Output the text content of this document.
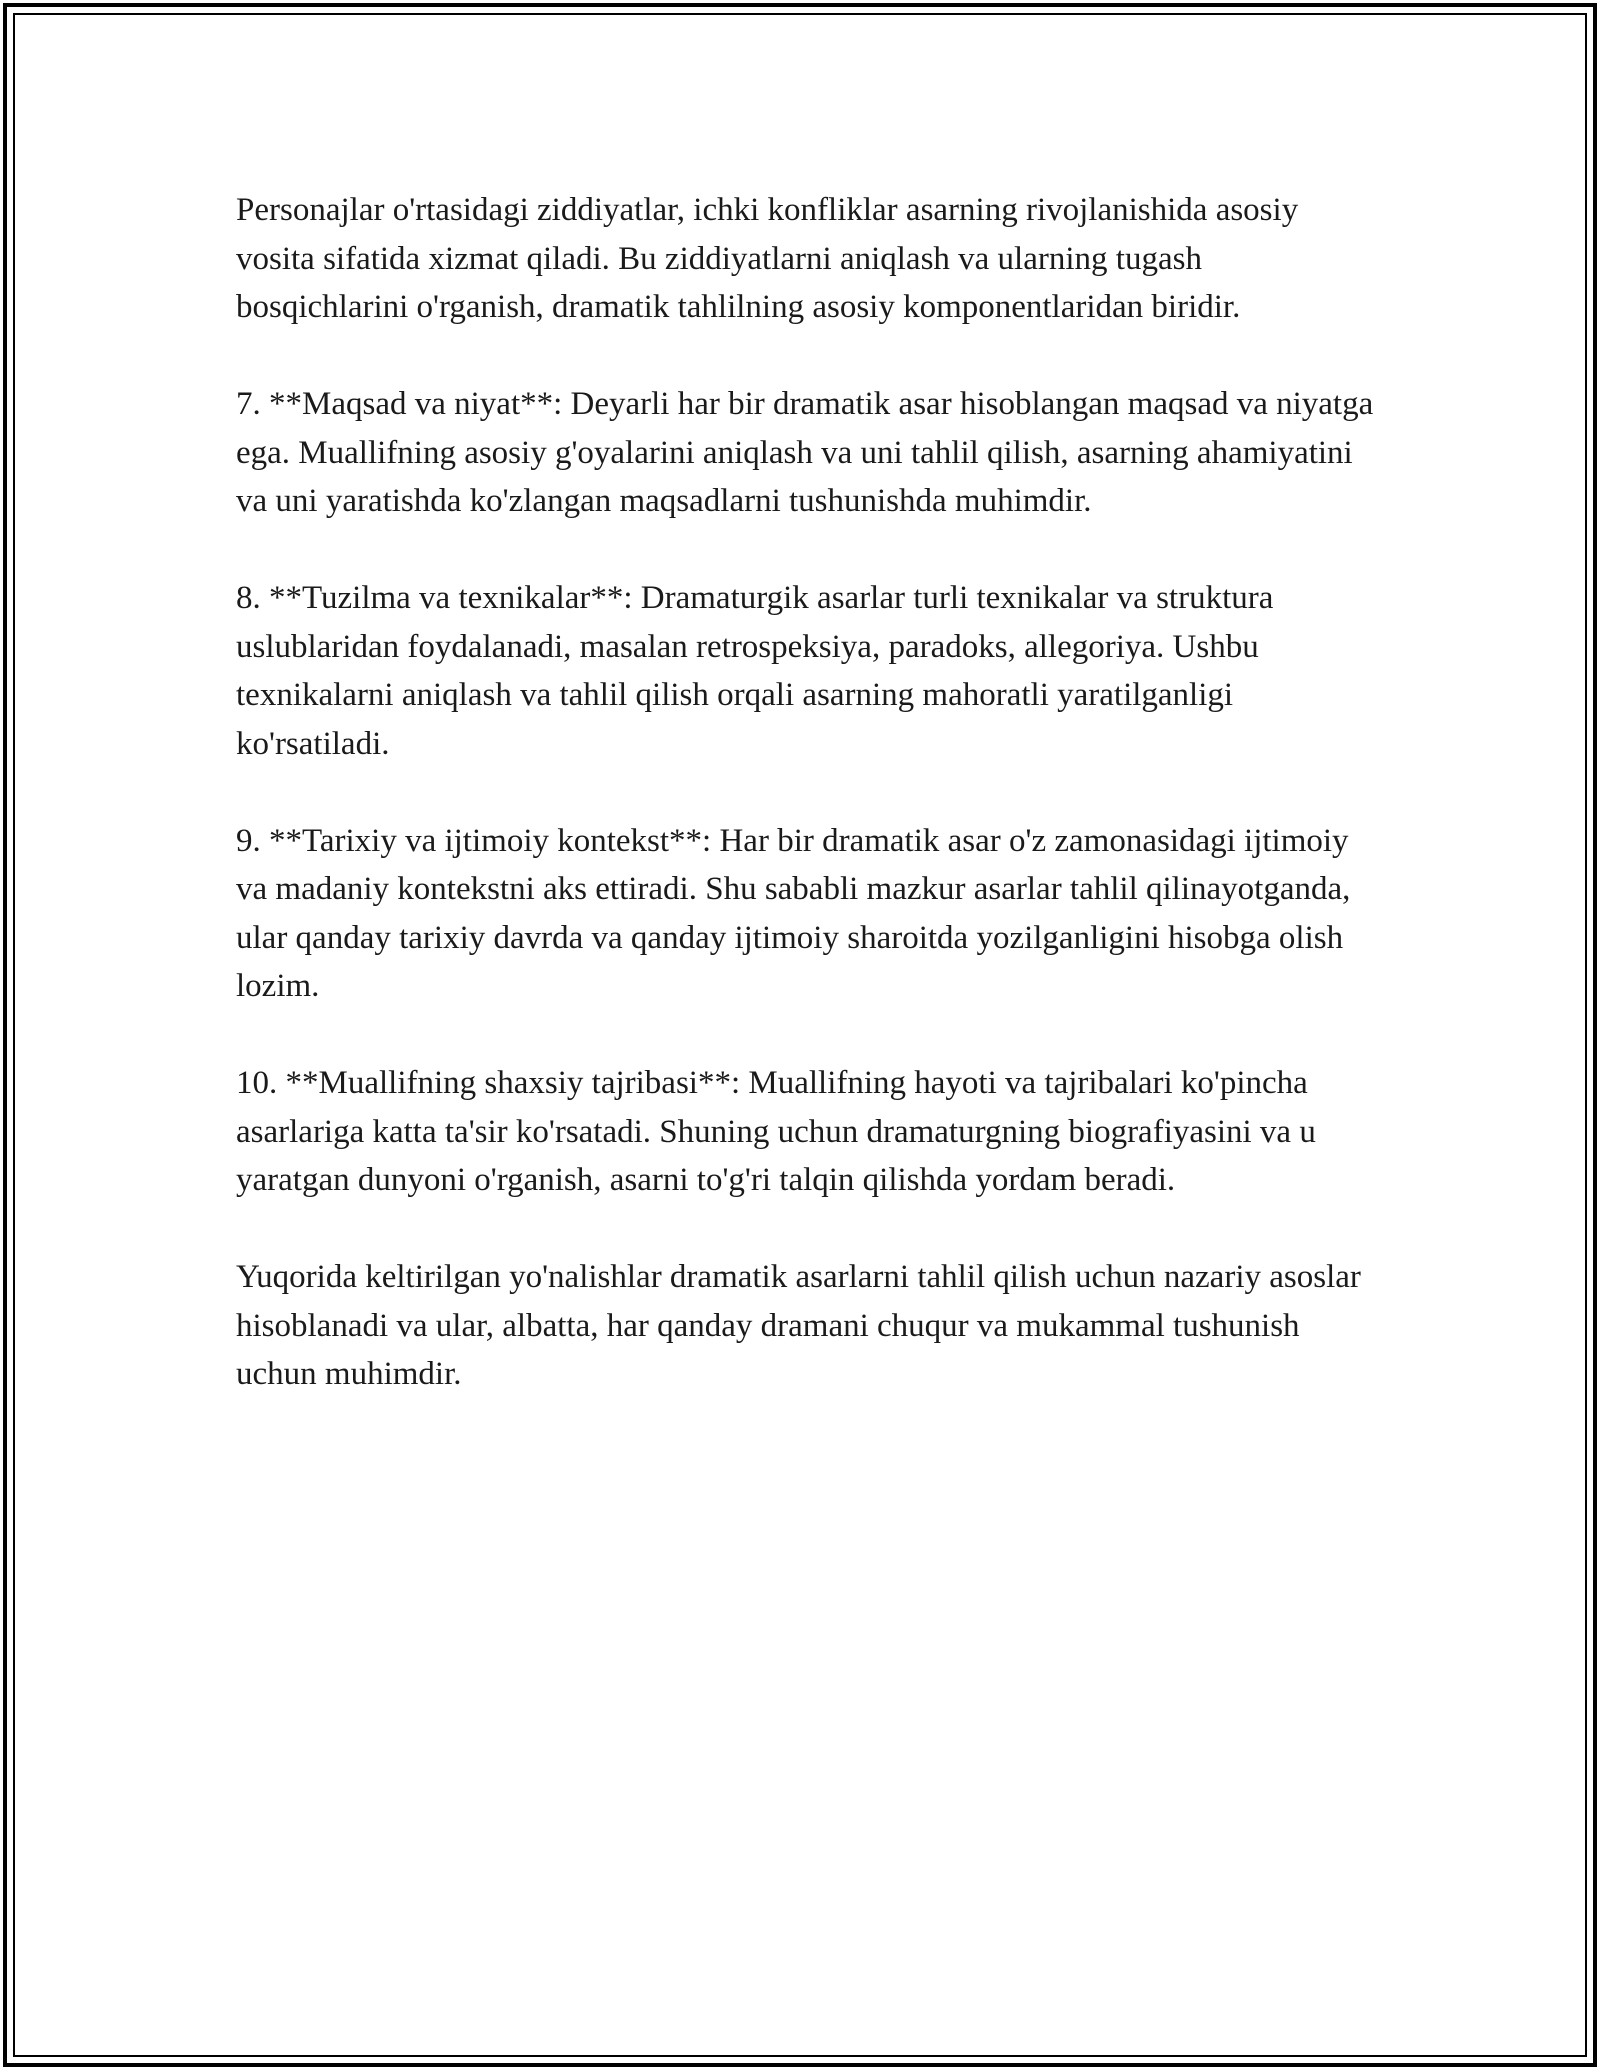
Personajlar o'rtasidagi ziddiyatlar, ichki konfliklar asarning rivojlanishida asosiy vosita sifatida xizmat qiladi. Bu ziddiyatlarni aniqlash va ularning tugash bosqichlarini o'rganish, dramatik tahlilning asosiy komponentlaridan biridir.

7. **Maqsad va niyat**: Deyarli har bir dramatik asar hisoblangan maqsad va niyatga ega. Muallifning asosiy g'oyalarini aniqlash va uni tahlil qilish, asarning ahamiyatini va uni yaratishda ko'zlangan maqsadlarni tushunishda muhimdir.

8. **Tuzilma va texnikalar**: Dramaturgik asarlar turli texnikalar va struktura uslublaridan foydalanadi, masalan retrospeksiya, paradoks, allegoriya. Ushbu texnikalarni aniqlash va tahlil qilish orqali asarning mahoratli yaratilganligi ko'rsatiladi.

9. **Tarixiy va ijtimoiy kontekst**: Har bir dramatik asar o'z zamonasidagi ijtimoiy va madaniy kontekstni aks ettiradi. Shu sababli mazkur asarlar tahlil qilinayotganda, ular qanday tarixiy davrda va qanday ijtimoiy sharoitda yozilganligini hisobga olish lozim.

10. **Muallifning shaxsiy tajribasi**: Muallifning hayoti va tajribalari ko'pincha asarlariga katta ta'sir ko'rsatadi. Shuning uchun dramaturgning biografiyasini va u yaratgan dunyoni o'rganish, asarni to'g'ri talqin qilishda yordam beradi.

Yuqorida keltirilgan yo'nalishlar dramatik asarlarni tahlil qilish uchun nazariy asoslar hisoblanadi va ular, albatta, har qanday dramani chuqur va mukammal tushunish uchun muhimdir.
